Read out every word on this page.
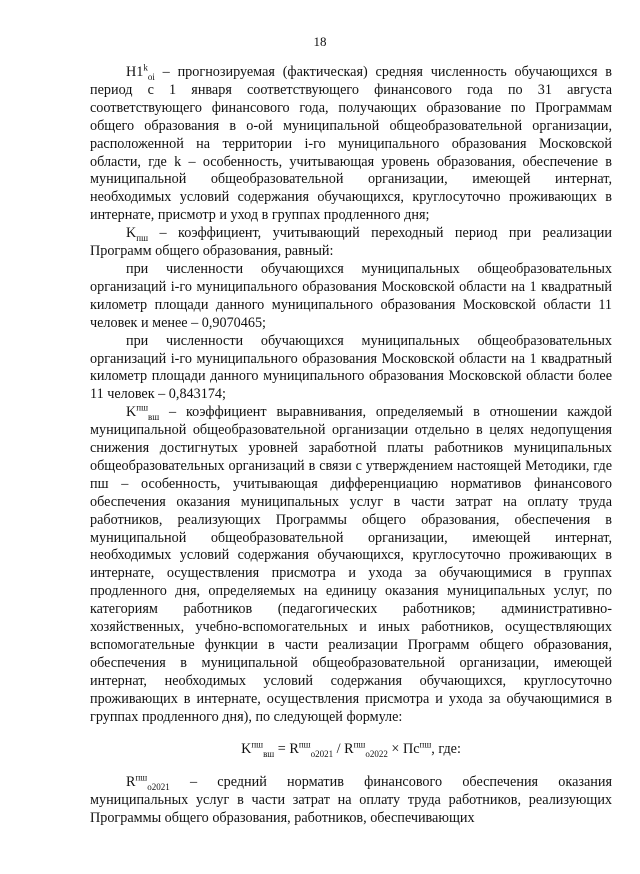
18

$Н1^k_{oi}$ – прогнозируемая (фактическая) средняя численность обучающихся в период с 1 января соответствующего финансового года по 31 августа соответствующего финансового года, получающих образование по Программам общего образования в о-ой муниципальной общеобразовательной организации, расположенной на территории i-го муниципального образования Московской области, где k – особенность, учитывающая уровень образования, обеспечение в муниципальной общеобразовательной организации, имеющей интернат, необходимых условий содержания обучающихся, круглосуточно проживающих в интернате, присмотр и уход в группах продленного дня;

$K_{пш}$ – коэффициент, учитывающий переходный период при реализации Программ общего образования, равный:

при численности обучающихся муниципальных общеобразовательных организаций i-го муниципального образования Московской области на 1 квадратный километр площади данного муниципального образования Московской области 11 человек и менее – 0,9070465;

при численности обучающихся муниципальных общеобразовательных организаций i-го муниципального образования Московской области на 1 квадратный километр площади данного муниципального образования Московской области более 11 человек – 0,843174;

$K^{пш}_{вш}$ – коэффициент выравнивания, определяемый в отношении каждой муниципальной общеобразовательной организации отдельно в целях недопущения снижения достигнутых уровней заработной платы работников муниципальных общеобразовательных организаций в связи с утверждением настоящей Методики, где пш – особенность, учитывающая дифференциацию нормативов финансового обеспечения оказания муниципальных услуг в части затрат на оплату труда работников, реализующих Программы общего образования, обеспечения в муниципальной общеобразовательной организации, имеющей интернат, необходимых условий содержания обучающихся, круглосуточно проживающих в интернате, осуществления присмотра и ухода за обучающимися в группах продленного дня, определяемых на единицу оказания муниципальных услуг, по категориям работников (педагогических работников; административно-хозяйственных, учебно-вспомогательных и иных работников, осуществляющих вспомогательные функции в части реализации Программ общего образования, обеспечения в муниципальной общеобразовательной организации, имеющей интернат, необходимых условий содержания обучающихся, круглосуточно проживающих в интернате, осуществления присмотра и ухода за обучающимися в группах продленного дня), по следующей формуле:

$K^{пш}_{вш} = R^{пш}_{о2021} / R^{пш}_{о2022} \times Пс^{пш}$, где:

$R^{пш}_{о2021}$ – средний норматив финансового обеспечения оказания муниципальных услуг в части затрат на оплату труда работников, реализующих Программы общего образования, работников, обеспечивающих
